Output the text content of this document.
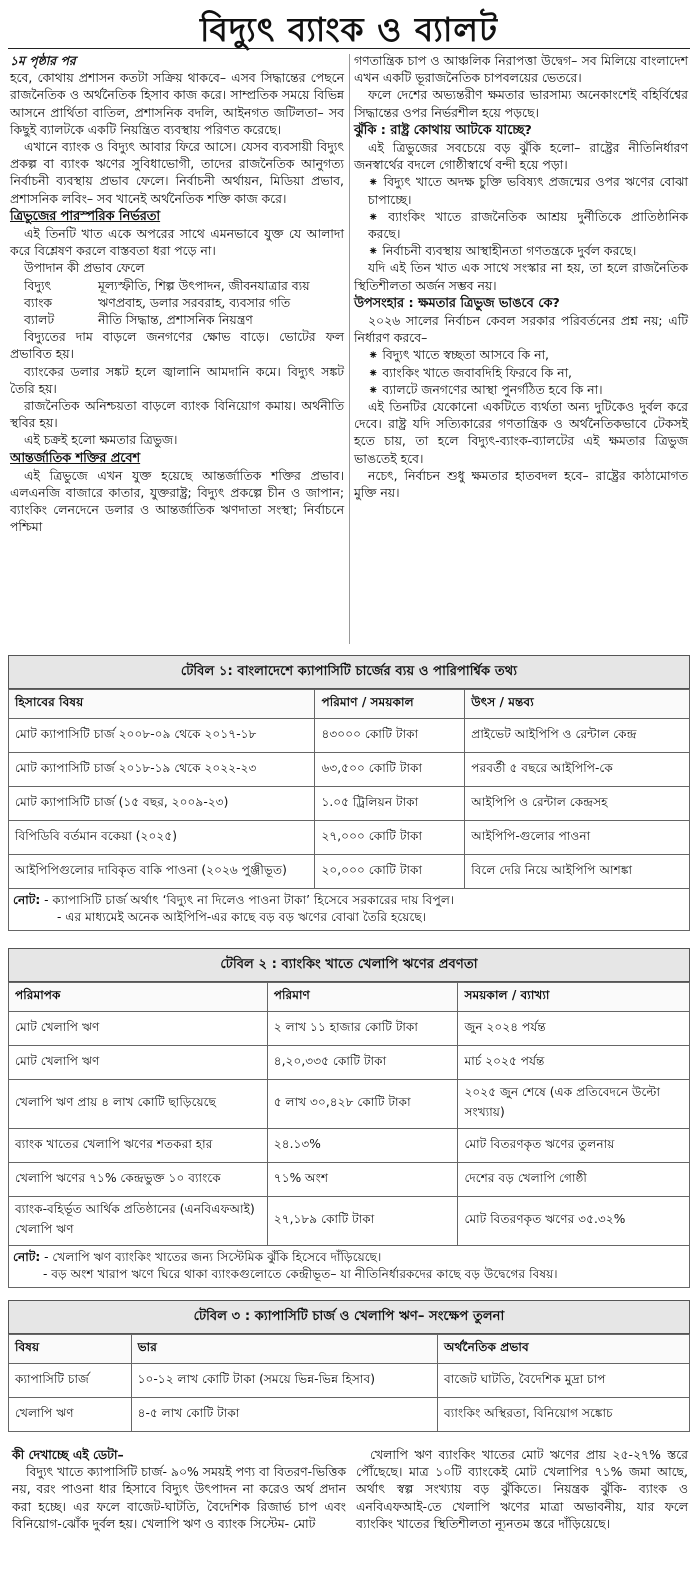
বিদ্যুৎ ব্যাংক ও ব্যালট

১ম পৃষ্ঠার পর

হবে, কোথায় প্রশাসন কতটা সক্রিয় থাকবে– এসব সিদ্ধান্তের পেছনে রাজনৈতিক ও অর্থনৈতিক হিসাব কাজ করে। সাম্প্রতিক সময়ে বিভিন্ন আসনে প্রার্থিতা বাতিল, প্রশাসনিক বদলি, আইনগত জটিলতা– সব কিছুই ব্যালটকে একটি নিয়ন্ত্রিত ব্যবস্থায় পরিণত করেছে।

এখানে ব্যাংক ও বিদ্যুৎ আবার ফিরে আসে। যেসব ব্যবসায়ী বিদ্যুৎ প্রকল্প বা ব্যাংক ঋণের সুবিধাভোগী, তাদের রাজনৈতিক আনুগত্য নির্বাচনী ব্যবস্থায় প্রভাব ফেলে। নির্বাচনী অর্থায়ন, মিডিয়া প্রভাব, প্রশাসনিক লবিং– সব খানেই অর্থনৈতিক শক্তি কাজ করে।

ত্রিভুজের পারস্পরিক নির্ভরতা

এই তিনটি খাত একে অপরের সাথে এমনভাবে যুক্ত যে আলাদা করে বিশ্লেষণ করলে বাস্তবতা ধরা পড়ে না।

উপাদান কী প্রভাব ফেলে

বিদ্যুৎ	মূল্যস্ফীতি, শিল্প উৎপাদন, জীবনযাত্রার ব্যয়
ব্যাংক	ঋণপ্রবাহ, ডলার সরবরাহ, ব্যবসার গতি
ব্যালট	নীতি সিদ্ধান্ত, প্রশাসনিক নিয়ন্ত্রণ

বিদ্যুতের দাম বাড়লে জনগণের ক্ষোভ বাড়ে। ভোটের ফল প্রভাবিত হয়।

ব্যাংকের ডলার সঙ্কট হলে জ্বালানি আমদানি কমে। বিদ্যুৎ সঙ্কট তৈরি হয়।

রাজনৈতিক অনিশ্চয়তা বাড়লে ব্যাংক বিনিয়োগ কমায়। অর্থনীতি স্থবির হয়।

এই চক্রই হলো ক্ষমতার ত্রিভুজ।

আন্তর্জাতিক শক্তির প্রবেশ

এই ত্রিভুজে এখন যুক্ত হয়েছে আন্তর্জাতিক শক্তির প্রভাব। এলএনজি বাজারে কাতার, যুক্তরাষ্ট্র; বিদ্যুৎ প্রকল্পে চীন ও জাপান; ব্যাংকিং লেনদেনে ডলার ও আন্তর্জাতিক ঋণদাতা সংস্থা; নির্বাচনে পশ্চিমা

গণতান্ত্রিক চাপ ও আঞ্চলিক নিরাপত্তা উদ্বেগ– সব মিলিয়ে বাংলাদেশ এখন একটি ভূরাজনৈতিক চাপবলয়ের ভেতরে।

ফলে দেশের অভ্যন্তরীণ ক্ষমতার ভারসাম্য অনেকাংশেই বহির্বিশ্বের সিদ্ধান্তের ওপর নির্ভরশীল হয়ে পড়ছে।

ঝুঁকি : রাষ্ট্র কোথায় আটকে যাচ্ছে?

এই ত্রিভুজের সবচেয়ে বড় ঝুঁকি হলো– রাষ্ট্রের নীতিনির্ধারণ জনস্বার্থের বদলে গোষ্ঠীস্বার্থে বন্দী হয়ে পড়া।

⁕ বিদ্যুৎ খাতে অদক্ষ চুক্তি ভবিষ্যৎ প্রজন্মের ওপর ঋণের বোঝা চাপাচ্ছে।

⁕ ব্যাংকিং খাতে রাজনৈতিক আশ্রয় দুর্নীতিকে প্রাতিষ্ঠানিক করছে।

⁕ নির্বাচনী ব্যবস্থায় আস্থাহীনতা গণতন্ত্রকে দুর্বল করছে।

যদি এই তিন খাত এক সাথে সংস্কার না হয়, তা হলে রাজনৈতিক স্থিতিশীলতা অর্জন সম্ভব নয়।

উপসংহার : ক্ষমতার ত্রিভুজ ভাঙবে কে?

২০২৬ সালের নির্বাচন কেবল সরকার পরিবর্তনের প্রশ্ন নয়; এটি নির্ধারণ করবে–

⁕ বিদ্যুৎ খাতে স্বচ্ছতা আসবে কি না,

⁕ ব্যাংকিং খাতে জবাবদিহি ফিরবে কি না,

⁕ ব্যালটে জনগণের আস্থা পুনর্গঠিত হবে কি না।

এই তিনটির যেকোনো একটিতে ব্যর্থতা অন্য দুটিকেও দুর্বল করে দেবে। রাষ্ট্র যদি সত্যিকারের গণতান্ত্রিক ও অর্থনৈতিকভাবে টেকসই হতে চায়, তা হলে বিদ্যুৎ-ব্যাংক-ব্যালটের এই ক্ষমতার ত্রিভুজ ভাঙতেই হবে।

নচেৎ, নির্বাচন শুধু ক্ষমতার হাতবদল হবে– রাষ্ট্রের কাঠামোগত মুক্তি নয়।

টেবিল ১: বাংলাদেশে ক্যাপাসিটি চার্জের ব্যয় ও পারিপার্শ্বিক তথ্য
হিসাবের বিষয়	পরিমাণ / সময়কাল	উৎস / মন্তব্য
মোট ক্যাপাসিটি চার্জ ২০০৮-০৯ থেকে ২০১৭-১৮	৪৩০০০ কোটি টাকা	প্রাইভেট আইপিপি ও রেন্টাল কেন্দ্র
মোট ক্যাপাসিটি চার্জ ২০১৮-১৯ থেকে ২০২২-২৩	৬৩,৫০০ কোটি টাকা	পরবর্তী ৫ বছরে আইপিপি-কে
মোট ক্যাপাসিটি চার্জ (১৫ বছর, ২০০৯-২৩)	১.০৫ ট্রিলিয়ন টাকা	আইপিপি ও রেন্টাল কেন্দ্রসহ
বিপিডিবি বর্তমান বকেয়া (২০২৫)	২৭,০০০ কোটি টাকা	আইপিপি-গুলোর পাওনা
আইপিপিগুলোর দাবিকৃত বাকি পাওনা (২০২৬ পুঞ্জীভূত)	২০,০০০ কোটি টাকা	বিলে দেরি নিয়ে আইপিপি আশঙ্কা
নোট: - ক্যাপাসিটি চার্জ অর্থাৎ ‘বিদ্যুৎ না দিলেও পাওনা টাকা’ হিসেবে সরকারের দায় বিপুল।
- এর মাধ্যমেই অনেক আইপিপি-এর কাছে বড় বড় ঋণের বোঝা তৈরি হয়েছে।
টেবিল ২ : ব্যাংকিং খাতে খেলাপি ঋণের প্রবণতা
পরিমাপক	পরিমাণ	সময়কাল / ব্যাখ্যা
মোট খেলাপি ঋণ	২ লাখ ১১ হাজার কোটি টাকা	জুন ২০২৪ পর্যন্ত
মোট খেলাপি ঋণ	৪,২০,৩৩৫ কোটি টাকা	মার্চ ২০২৫ পর্যন্ত
খেলাপি ঋণ প্রায় ৪ লাখ কোটি ছাড়িয়েছে	৫ লাখ ৩০,৪২৮ কোটি টাকা	২০২৫ জুন শেষে (এক প্রতিবেদনে উল্টো সংখ্যায়)
ব্যাংক খাতের খেলাপি ঋণের শতকরা হার	২৪.১৩%	মোট বিতরণকৃত ঋণের তুলনায়
খেলাপি ঋণের ৭১% কেন্দ্রভুক্ত ১০ ব্যাংকে	৭১% অংশ	দেশের বড় খেলাপি গোষ্ঠী
ব্যাংক-বহির্ভূত আর্থিক প্রতিষ্ঠানের (এনবিএফআই) খেলাপি ঋণ	২৭,১৮৯ কোটি টাকা	মোট বিতরণকৃত ঋণের ৩৫.৩২%
নোট: - খেলাপি ঋণ ব্যাংকিং খাতের জন্য সিস্টেমিক ঝুঁকি হিসেবে দাঁড়িয়েছে।
- বড় অংশ খারাপ ঋণে ঘিরে থাকা ব্যাংকগুলোতে কেন্দ্রীভূত– যা নীতিনির্ধারকদের কাছে বড় উদ্বেগের বিষয়।
টেবিল ৩ : ক্যাপাসিটি চার্জ ও খেলাপি ঋণ– সংক্ষেপ তুলনা
বিষয়	ভার	অর্থনৈতিক প্রভাব
ক্যাপাসিটি চার্জ	১০-১২ লাখ কোটি টাকা (সময়ে ভিন্ন-ভিন্ন হিসাব)	বাজেট ঘাটতি, বৈদেশিক মুদ্রা চাপ
খেলাপি ঋণ	৪-৫ লাখ কোটি টাকা	ব্যাংকিং অস্থিরতা, বিনিয়োগ সঙ্কোচ
কী দেখাচ্ছে এই ডেটা–

বিদ্যুৎ খাতে ক্যাপাসিটি চার্জ- ৯০% সময়ই পণ্য বা বিতরণ-ভিত্তিক নয়, বরং পাওনা ধার হিসাবে বিদ্যুৎ উৎপাদন না করেও অর্থ প্রদান করা হচ্ছে। এর ফলে বাজেট-ঘাটতি, বৈদেশিক রিজার্ভ চাপ এবং বিনিয়োগ-ঝোঁক দুর্বল হয়। খেলাপি ঋণ ও ব্যাংক সিস্টেম- মোট

খেলাপি ঋণ ব্যাংকিং খাতের মোট ঋণের প্রায় ২৫-২৭% স্তরে পৌঁছেছে। মাত্র ১০টি ব্যাংকেই মোট খেলাপির ৭১% জমা আছে, অর্থাৎ স্বল্প সংখ্যায় বড় ঝুঁকিতে। নিয়ন্ত্রক ঝুঁকি- ব্যাংক ও এনবিএফআই-তে খেলাপি ঋণের মাত্রা অভাবনীয়, যার ফলে ব্যাংকিং খাতের স্থিতিশীলতা ন্যূনতম স্তরে দাঁড়িয়েছে।
